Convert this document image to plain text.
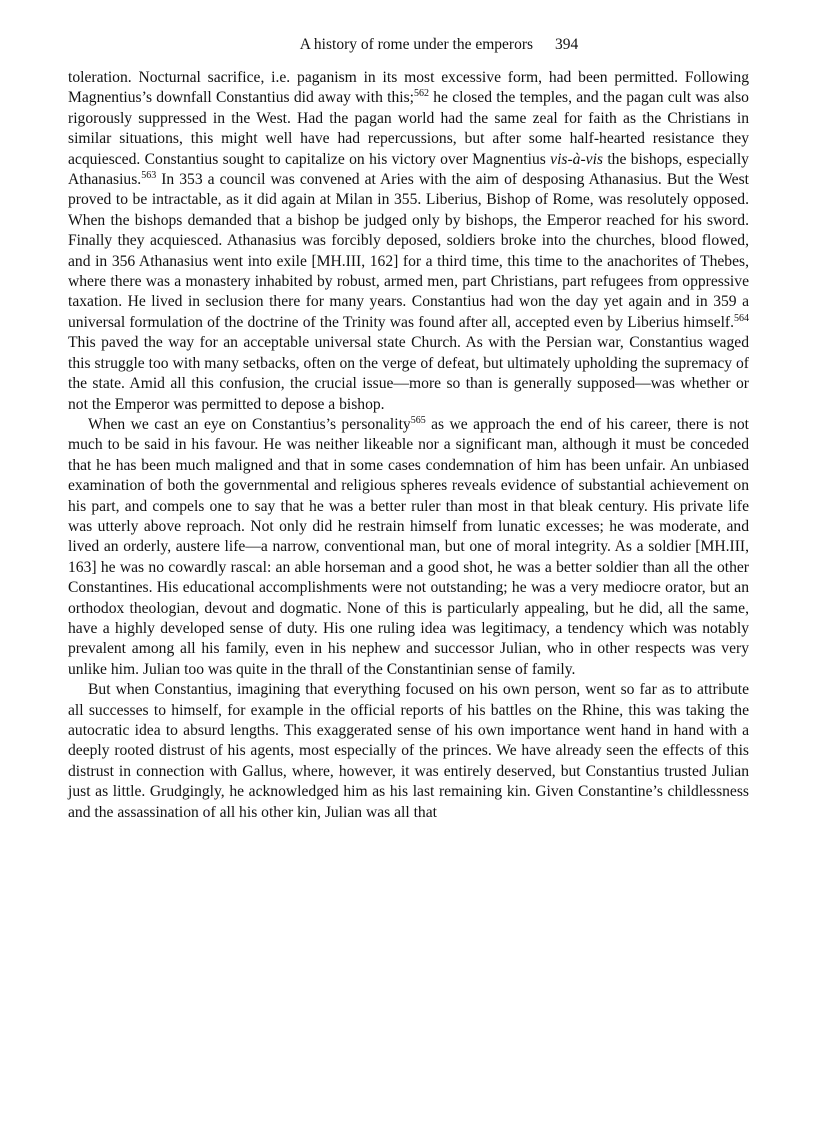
A history of rome under the emperors 394

toleration. Nocturnal sacrifice, i.e. paganism in its most excessive form, had been permitted. Following Magnentius’s downfall Constantius did away with this;$^{562}$ he closed the temples, and the pagan cult was also rigorously suppressed in the West. Had the pagan world had the same zeal for faith as the Christians in similar situations, this might well have had repercussions, but after some half-hearted resistance they acquiesced. Constantius sought to capitalize on his victory over Magnentius vis-à-vis the bishops, especially Athanasius.$^{563}$ In 353 a council was convened at Aries with the aim of desposing Athanasius. But the West proved to be intractable, as it did again at Milan in 355. Liberius, Bishop of Rome, was resolutely opposed. When the bishops demanded that a bishop be judged only by bishops, the Emperor reached for his sword. Finally they acquiesced. Athanasius was forcibly deposed, soldiers broke into the churches, blood flowed, and in 356 Athanasius went into exile [MH.III, 162] for a third time, this time to the anachorites of Thebes, where there was a monastery inhabited by robust, armed men, part Christians, part refugees from oppressive taxation. He lived in seclusion there for many years. Constantius had won the day yet again and in 359 a universal formulation of the doctrine of the Trinity was found after all, accepted even by Liberius himself.$^{564}$ This paved the way for an acceptable universal state Church. As with the Persian war, Constantius waged this struggle too with many setbacks, often on the verge of defeat, but ultimately upholding the supremacy of the state. Amid all this confusion, the crucial issue—more so than is generally supposed—was whether or not the Emperor was permitted to depose a bishop.

When we cast an eye on Constantius’s personality$^{565}$ as we approach the end of his career, there is not much to be said in his favour. He was neither likeable nor a significant man, although it must be conceded that he has been much maligned and that in some cases condemnation of him has been unfair. An unbiased examination of both the governmental and religious spheres reveals evidence of substantial achievement on his part, and compels one to say that he was a better ruler than most in that bleak century. His private life was utterly above reproach. Not only did he restrain himself from lunatic excesses; he was moderate, and lived an orderly, austere life—a narrow, conventional man, but one of moral integrity. As a soldier [MH.III, 163] he was no cowardly rascal: an able horseman and a good shot, he was a better soldier than all the other Constantines. His educational accomplishments were not outstanding; he was a very mediocre orator, but an orthodox theologian, devout and dogmatic. None of this is particularly appealing, but he did, all the same, have a highly developed sense of duty. His one ruling idea was legitimacy, a tendency which was notably prevalent among all his family, even in his nephew and successor Julian, who in other respects was very unlike him. Julian too was quite in the thrall of the Constantinian sense of family.

But when Constantius, imagining that everything focused on his own person, went so far as to attribute all successes to himself, for example in the official reports of his battles on the Rhine, this was taking the autocratic idea to absurd lengths. This exaggerated sense of his own importance went hand in hand with a deeply rooted distrust of his agents, most especially of the princes. We have already seen the effects of this distrust in connection with Gallus, where, however, it was entirely deserved, but Constantius trusted Julian just as little. Grudgingly, he acknowledged him as his last remaining kin. Given Constantine’s childlessness and the assassination of all his other kin, Julian was all that
